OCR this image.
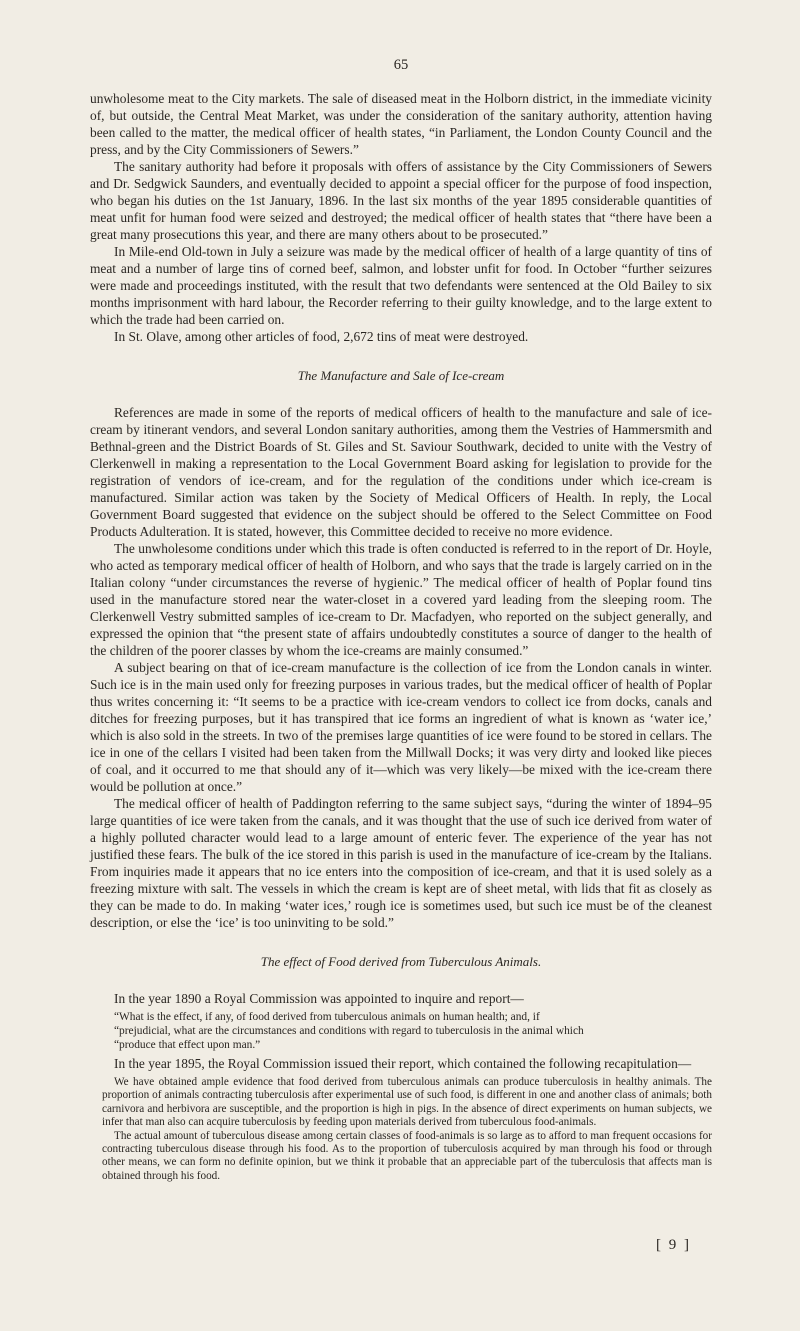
65

unwholesome meat to the City markets. The sale of diseased meat in the Holborn district, in the immediate vicinity of, but outside, the Central Meat Market, was under the consideration of the sanitary authority, attention having been called to the matter, the medical officer of health states, “in Parliament, the London County Council and the press, and by the City Commissioners of Sewers.”

The sanitary authority had before it proposals with offers of assistance by the City Commissioners of Sewers and Dr. Sedgwick Saunders, and eventually decided to appoint a special officer for the purpose of food inspection, who began his duties on the 1st January, 1896. In the last six months of the year 1895 considerable quantities of meat unfit for human food were seized and destroyed; the medical officer of health states that “there have been a great many prosecutions this year, and there are many others about to be prosecuted.”

In Mile-end Old-town in July a seizure was made by the medical officer of health of a large quantity of tins of meat and a number of large tins of corned beef, salmon, and lobster unfit for food. In October “further seizures were made and proceedings instituted, with the result that two defendants were sentenced at the Old Bailey to six months imprisonment with hard labour, the Recorder referring to their guilty knowledge, and to the large extent to which the trade had been carried on.

In St. Olave, among other articles of food, 2,672 tins of meat were destroyed.

The Manufacture and Sale of Ice-cream

References are made in some of the reports of medical officers of health to the manufacture and sale of ice-cream by itinerant vendors, and several London sanitary authorities, among them the Vestries of Hammersmith and Bethnal-green and the District Boards of St. Giles and St. Saviour Southwark, decided to unite with the Vestry of Clerkenwell in making a representation to the Local Government Board asking for legislation to provide for the registration of vendors of ice-cream, and for the regulation of the conditions under which ice-cream is manufactured. Similar action was taken by the Society of Medical Officers of Health. In reply, the Local Government Board suggested that evidence on the subject should be offered to the Select Committee on Food Products Adulteration. It is stated, however, this Committee decided to receive no more evidence.

The unwholesome conditions under which this trade is often conducted is referred to in the report of Dr. Hoyle, who acted as temporary medical officer of health of Holborn, and who says that the trade is largely carried on in the Italian colony “under circumstances the reverse of hygienic.” The medical officer of health of Poplar found tins used in the manufacture stored near the water-closet in a covered yard leading from the sleeping room. The Clerkenwell Vestry submitted samples of ice-cream to Dr. Macfadyen, who reported on the subject generally, and expressed the opinion that “the present state of affairs undoubtedly constitutes a source of danger to the health of the children of the poorer classes by whom the ice-creams are mainly consumed.”

A subject bearing on that of ice-cream manufacture is the collection of ice from the London canals in winter. Such ice is in the main used only for freezing purposes in various trades, but the medical officer of health of Poplar thus writes concerning it: “It seems to be a practice with ice-cream vendors to collect ice from docks, canals and ditches for freezing purposes, but it has transpired that ice forms an ingredient of what is known as ‘water ice,’ which is also sold in the streets. In two of the premises large quantities of ice were found to be stored in cellars. The ice in one of the cellars I visited had been taken from the Millwall Docks; it was very dirty and looked like pieces of coal, and it occurred to me that should any of it—which was very likely—be mixed with the ice-cream there would be pollution at once.”

The medical officer of health of Paddington referring to the same subject says, “during the winter of 1894–95 large quantities of ice were taken from the canals, and it was thought that the use of such ice derived from water of a highly polluted character would lead to a large amount of enteric fever. The experience of the year has not justified these fears. The bulk of the ice stored in this parish is used in the manufacture of ice-cream by the Italians. From inquiries made it appears that no ice enters into the composition of ice-cream, and that it is used solely as a freezing mixture with salt. The vessels in which the cream is kept are of sheet metal, with lids that fit as closely as they can be made to do. In making ‘water ices,’ rough ice is sometimes used, but such ice must be of the cleanest description, or else the ‘ice’ is too uninviting to be sold.”

The effect of Food derived from Tuberculous Animals.

In the year 1890 a Royal Commission was appointed to inquire and report—

“What is the effect, if any, of food derived from tuberculous animals on human health; and, if
“prejudicial, what are the circumstances and conditions with regard to tuberculosis in the animal which
“produce that effect upon man.”

In the year 1895, the Royal Commission issued their report, which contained the following recapitulation—

We have obtained ample evidence that food derived from tuberculous animals can produce tuberculosis in healthy animals. The proportion of animals contracting tuberculosis after experimental use of such food, is different in one and another class of animals; both carnivora and herbivora are susceptible, and the proportion is high in pigs. In the absence of direct experiments on human subjects, we infer that man also can acquire tuberculosis by feeding upon materials derived from tuberculous food-animals.

The actual amount of tuberculous disease among certain classes of food-animals is so large as to afford to man frequent occasions for contracting tuberculous disease through his food. As to the proportion of tuberculosis acquired by man through his food or through other means, we can form no definite opinion, but we think it probable that an appreciable part of the tuberculosis that affects man is obtained through his food.

[ 9 ]
